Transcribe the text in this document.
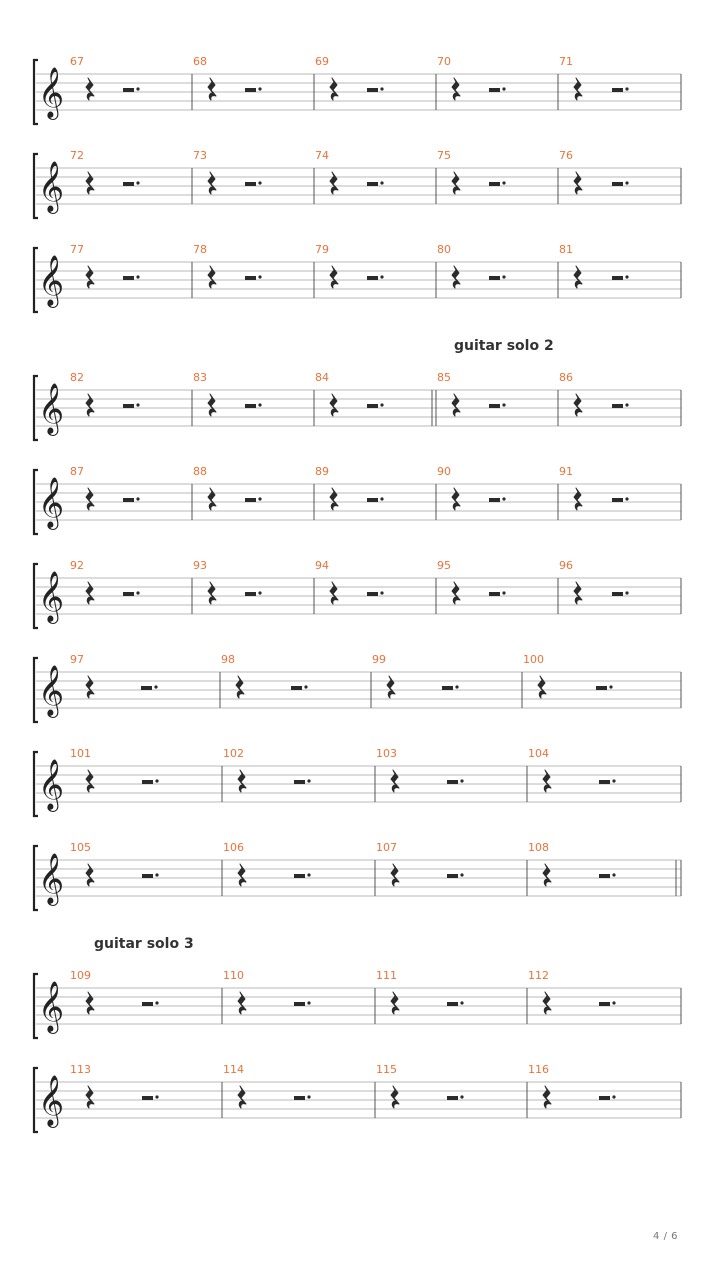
𝄞
67	68	69	70	71
𝄞
72	73	74	75	76
𝄞
77	78	79	80	81
guitar solo 2
𝄞
82	83	84	85	86
𝄞
87	88	89	90	91
𝄞
92	93	94	95	96
𝄞
97	98	99	100
𝄞
101	102	103	104
𝄞
105	106	107	108
guitar solo 3
𝄞
109	110	111	112
𝄞
113	114	115	116
4 / 6
